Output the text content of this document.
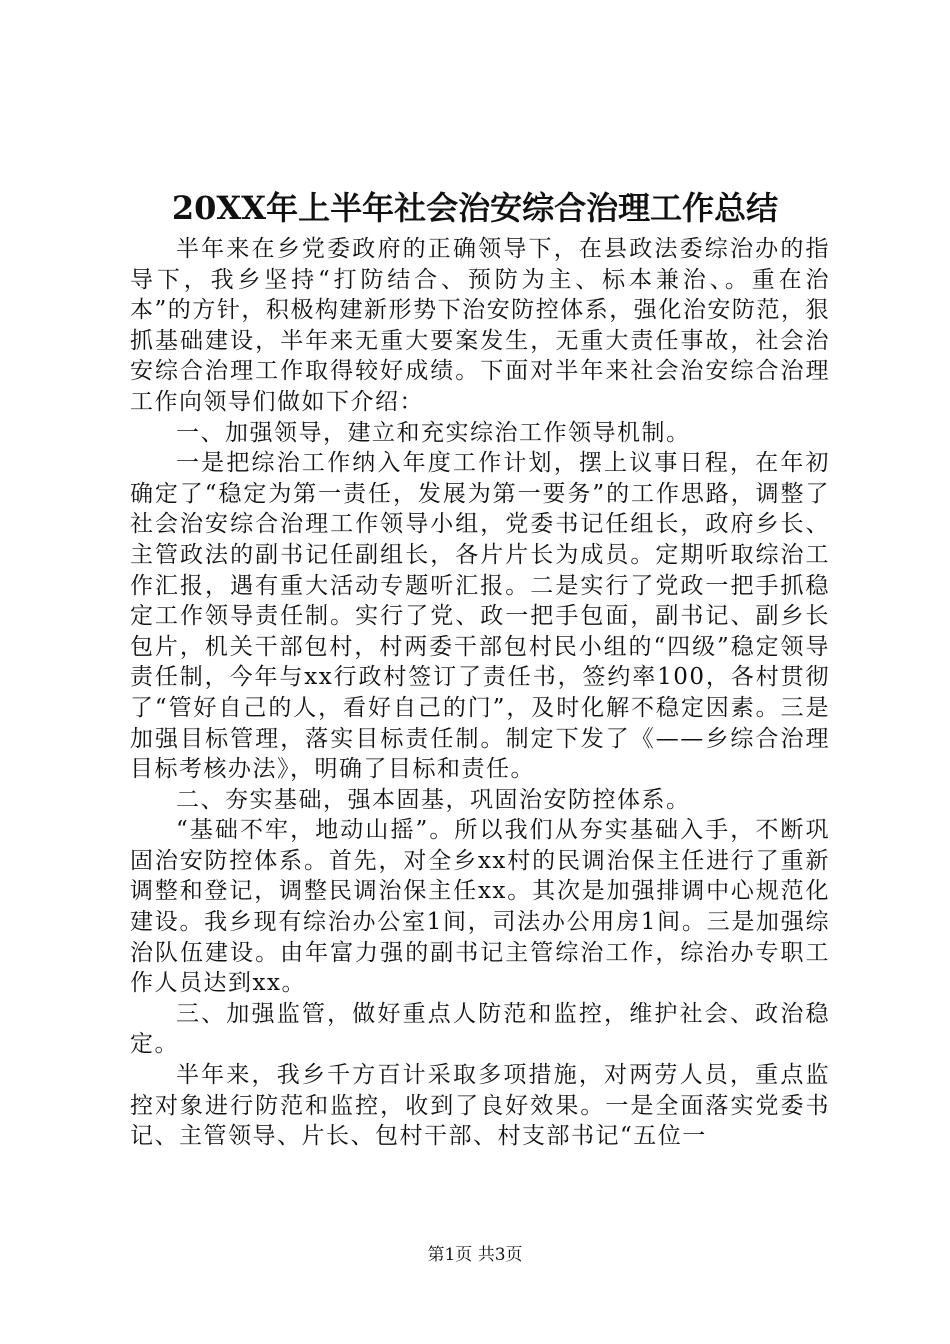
20XX年上半年社会治安综合治理工作总结

半年来在乡党委政府的正确领导下，在县政法委综治办的指导下，我乡坚持“打防结合、预防为主、标本兼治、。重在治本”的方针，积极构建新形势下治安防控体系，强化治安防范，狠抓基础建设，半年来无重大要案发生，无重大责任事故，社会治安综合治理工作取得较好成绩。下面对半年来社会治安综合治理工作向领导们做如下介绍：

一、加强领导，建立和充实综治工作领导机制。

一是把综治工作纳入年度工作计划，摆上议事日程，在年初确定了“稳定为第一责任，发展为第一要务”的工作思路，调整了社会治安综合治理工作领导小组，党委书记任组长，政府乡长、主管政法的副书记任副组长，各片片长为成员。定期听取综治工作汇报，遇有重大活动专题听汇报。二是实行了党政一把手抓稳定工作领导责任制。实行了党、政一把手包面，副书记、副乡长包片，机关干部包村，村两委干部包村民小组的“四级”稳定领导责任制，今年与xx行政村签订了责任书，签约率100，各村贯彻了“管好自己的人，看好自己的门”，及时化解不稳定因素。三是加强目标管理，落实目标责任制。制定下发了《——乡综合治理目标考核办法》，明确了目标和责任。

二、夯实基础，强本固基，巩固治安防控体系。

“基础不牢，地动山摇”。所以我们从夯实基础入手，不断巩固治安防控体系。首先，对全乡xx村的民调治保主任进行了重新调整和登记，调整民调治保主任xx。其次是加强排调中心规范化建设。我乡现有综治办公室1间，司法办公用房1间。三是加强综治队伍建设。由年富力强的副书记主管综治工作，综治办专职工作人员达到xx。

三、加强监管，做好重点人防范和监控，维护社会、政治稳定。

半年来，我乡千方百计采取多项措施，对两劳人员，重点监控对象进行防范和监控，收到了良好效果。一是全面落实党委书记、主管领导、片长、包村干部、村支部书记“五位一

第1页 共3页
